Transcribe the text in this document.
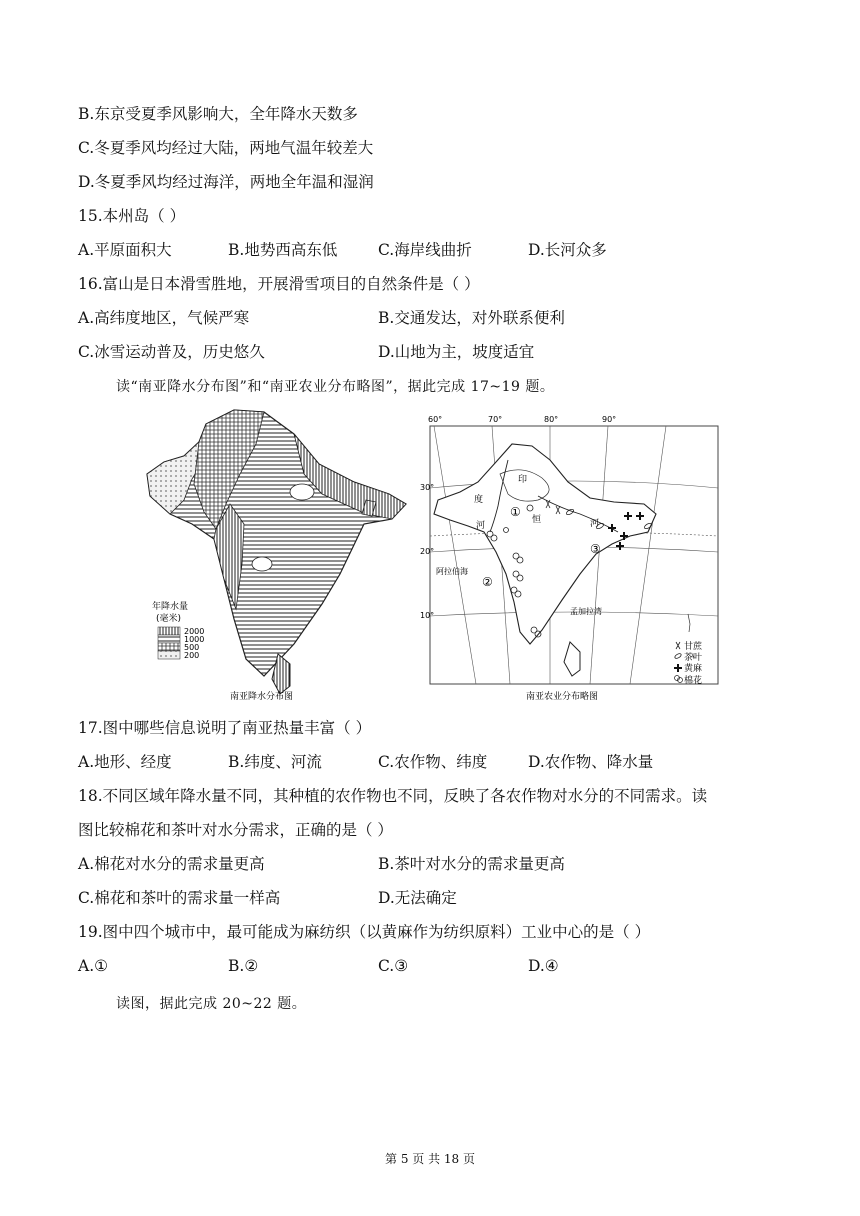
B.东京受夏季风影响大，全年降水天数多
C.冬夏季风均经过大陆，两地气温年较差大
D.冬夏季风均经过海洋，两地全年温和湿润
15.本州岛（ ）
A.平原面积大	B.地势西高东低	C.海岸线曲折	D.长河众多
16.富山是日本滑雪胜地，开展滑雪项目的自然条件是（ ）
A.高纬度地区，气候严寒	B.交通发达，对外联系便利
C.冰雪运动普及，历史悠久	D.山地为主，坡度适宜
读“南亚降水分布图”和“南亚农业分布略图”，据此完成 17~19 题。
年降水量
(毫米)
2000
1000
500
200
南亚降水分布图
60°	70°	80°	90°
30°
20°
10°
印
度
河
恒	河
阿拉伯海
孟加拉湾
①
②
③
甘蔗
茶叶
黄麻
棉花
南亚农业分布略图
17.图中哪些信息说明了南亚热量丰富（ ）
A.地形、经度	B.纬度、河流	C.农作物、纬度	D.农作物、降水量
18.不同区域年降水量不同，其种植的农作物也不同，反映了各农作物对水分的不同需求。读
图比较棉花和茶叶对水分需求，正确的是（ ）
A.棉花对水分的需求量更高	B.茶叶对水分的需求量更高
C.棉花和茶叶的需求量一样高	D.无法确定
19.图中四个城市中，最可能成为麻纺织（以黄麻作为纺织原料）工业中心的是（ ）
A.①	B.②	C.③	D.④
读图，据此完成 20~22 题。
第 5 页 共 18 页
